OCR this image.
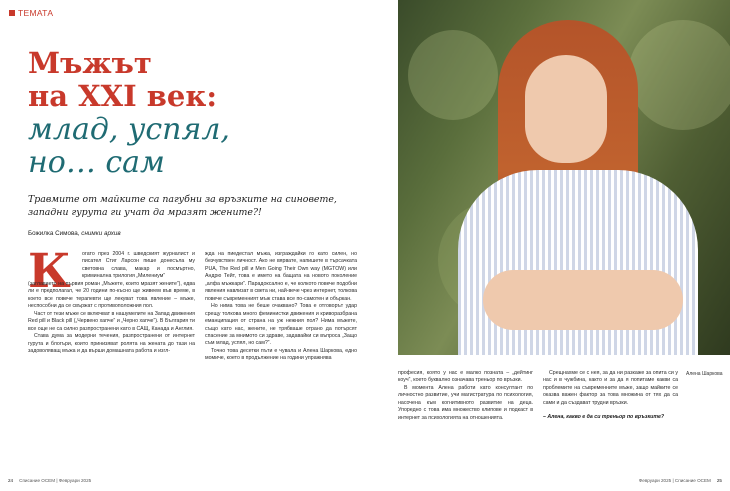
ТЕМАТА
Мъжът
на XXI век:
млад, успял,
но… сам
Травмите от майките са пагубни за връзките на синовете, западни гурута ги учат да мразят жените?!
Божилка Симова, снимки архив
К	огато през 2004 г. шведският журналист и писател Стиг Ларсон пише донесъла му световна слава, макар и посмъртно, криминална трилогия „Милениум“

(заглавието на първия роман „Мъжете, които мразят жените“), едва ли е предполагал, че 20 години по-късно ще живеем във време, в което все повече терапевти ще лекуват това явление – мъже, неспособни да се свържат с противоположния пол.

Част от тези мъже се включват в нашумелите на Запад движения Red pill и Black pill („Червено хапче“ и „Черно хапче“). В България ти все още не са силно разпространени като в САЩ, Канада и Англия.

Става дума за модерни течения, разпространени от интернет гурута и блогъри, които принизяват ролята на жената до тази на задоволяващ мъжа и да върши домашната работа и изгл-

жда на пиедестал мъжа, изграждайки го като силен, но безчувствен личност. Ако не вярвате, напишете в търсачката PUA, The Red pill и Men Going Their Own way (MGTOW) или Андрю Тейт, това е името на бащата на новото поколение „алфа мъжкари“. Парадоксално е, че колкото повече подобни явления навлизат в света ни, най-вече чрез интернет, толкова повече съвременният мъж става все по-самотен и объркан.

Но нима това не беше очаквано? Това е отговорът удар срещу толкова много феминистки движения и криворазбрана еманципация от страна на уж нежния пол? Нима мъжете, също като нас, жените, не трябваше отрано да потърсят спасение за мнимото си здраве, задавайки си въпроса „Защо съм млад, успял, но сам?“.

Точно това десетки пъти е чувала и Алена Шаркова, едно момиче, което в продължение на години упражнява

24 Списание ОСЕМ | Февруари 2025
Алена Шаркова

професия, която у нас е малко позната – „дейтинг коуч“, което буквално означава треньор по връзки.

В момента Алена работи като консултант по личностно развитие, учи магистратура по психология, насочена към когнитивното развитие на деца. Упоредно с това има множество клипове и подкаст в интернет за психологията на отношенията.

Срещнахме се с нея, за да ни разкаже за опита си у нас и в чужбина, както и за да я попитаме какви са проблемите на съвременните мъже, защо майките се оказва важен фактор за това множина от тях да са сами и да създават трудни връзки.

– Алена, какво е да си треньор по връзките?

Февруари 2025 | Списание ОСЕМ 25
